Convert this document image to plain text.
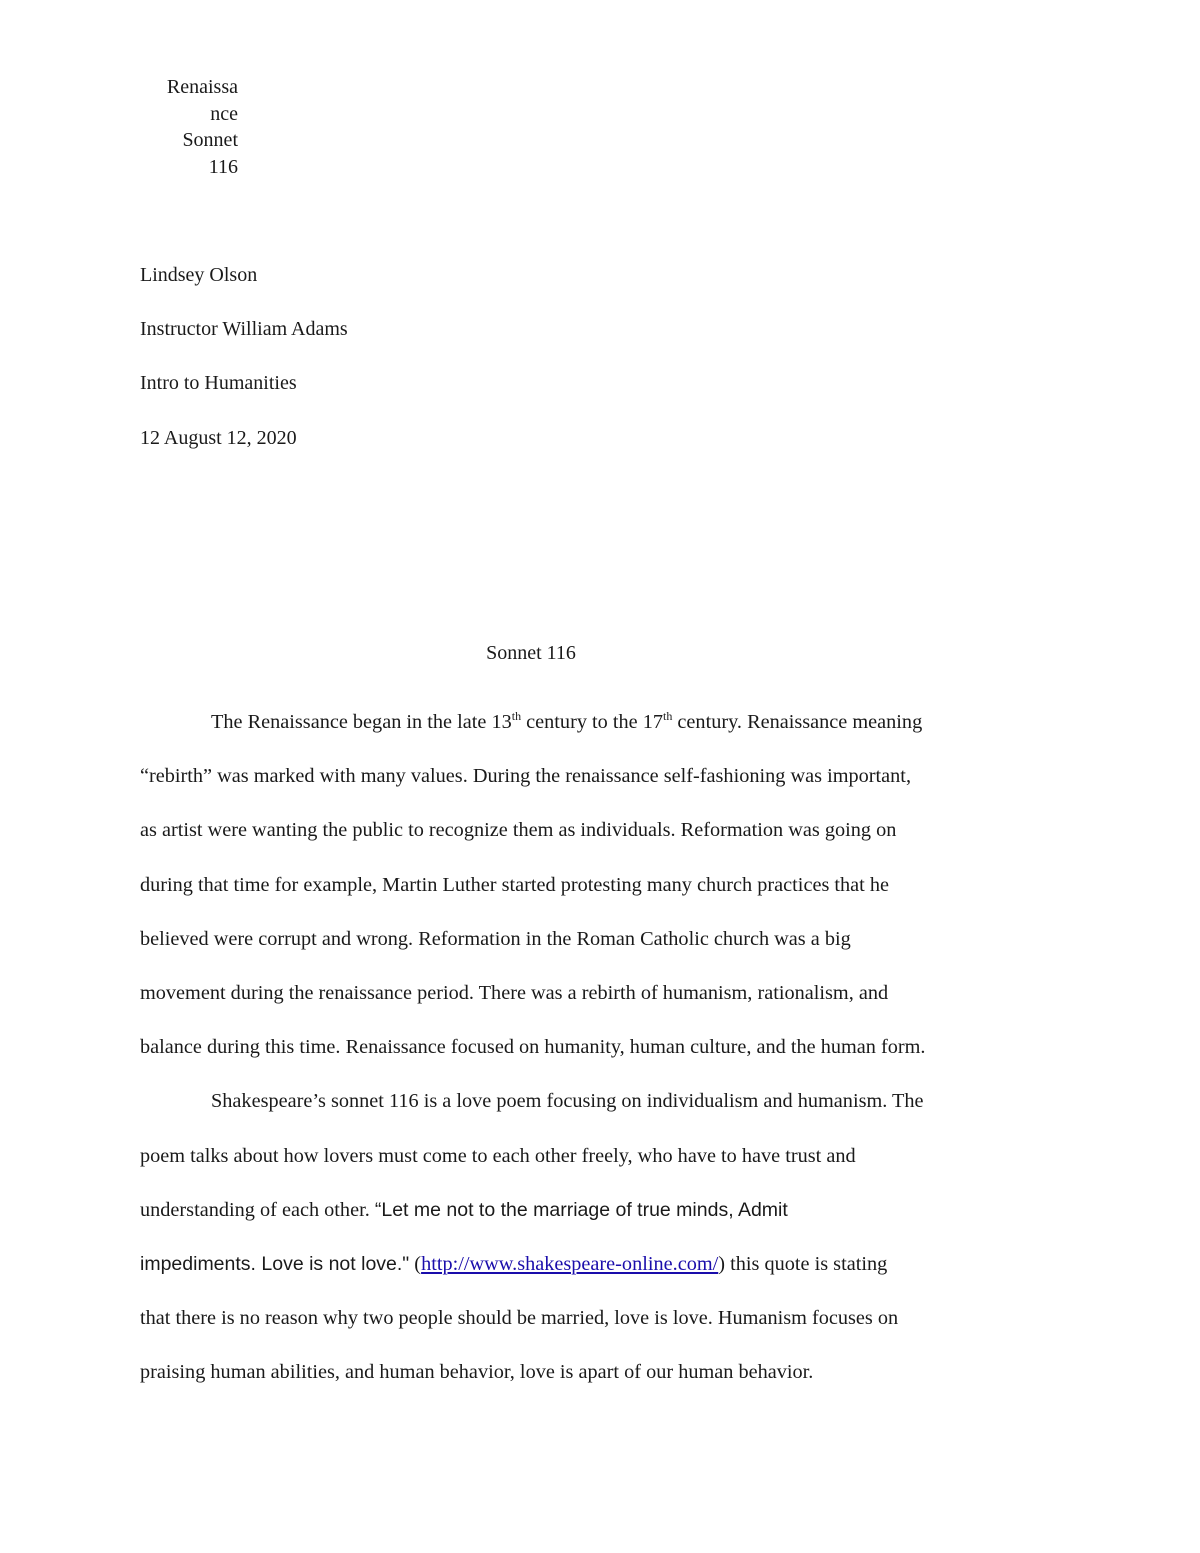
Renaissa
nce
Sonnet
116
Lindsey Olson
Instructor William Adams
Intro to Humanities
12 August 12, 2020
Sonnet 116
The Renaissance began in the late 13th century to the 17th century. Renaissance meaning
“rebirth” was marked with many values. During the renaissance self-fashioning was important,
as artist were wanting the public to recognize them as individuals. Reformation was going on
during that time for example, Martin Luther started protesting many church practices that he
believed were corrupt and wrong. Reformation in the Roman Catholic church was a big
movement during the renaissance period. There was a rebirth of humanism, rationalism, and
balance during this time. Renaissance focused on humanity, human culture, and the human form.
Shakespeare’s sonnet 116 is a love poem focusing on individualism and humanism. The
poem talks about how lovers must come to each other freely, who have to have trust and
understanding of each other. “Let me not to the marriage of true minds, Admit
impediments. Love is not love." (http://www.shakespeare-online.com/) this quote is stating
that there is no reason why two people should be married, love is love. Humanism focuses on
praising human abilities, and human behavior, love is apart of our human behavior.
